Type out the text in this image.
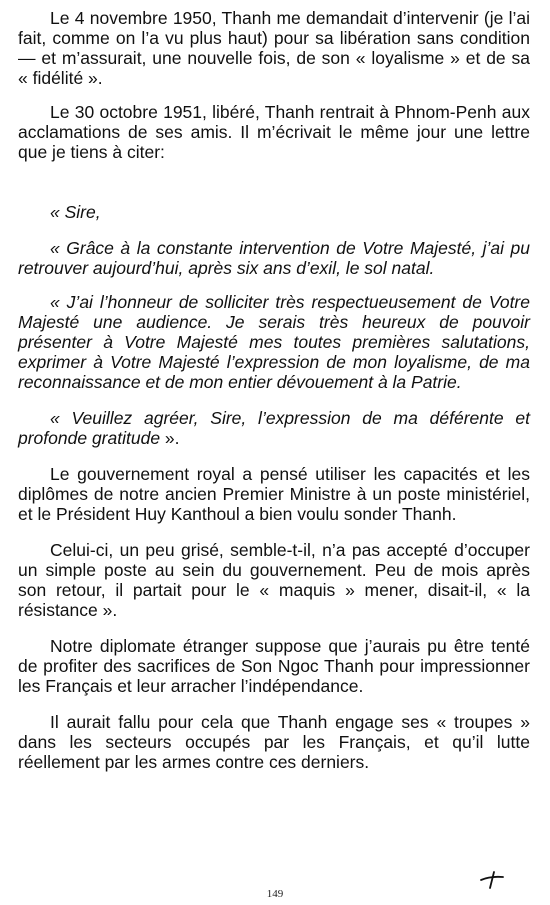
Le 4 novembre 1950, Thanh me demandait d’intervenir (je l’ai fait, comme on l’a vu plus haut) pour sa libération sans condition — et m’assurait, une nouvelle fois, de son « loyalisme » et de sa « fidélité ».

Le 30 octobre 1951, libéré, Thanh rentrait à Phnom-Penh aux acclamations de ses amis. Il m’écrivait le même jour une lettre que je tiens à citer:

« Sire,

« Grâce à la constante intervention de Votre Majesté, j’ai pu retrouver aujourd’hui, après six ans d’exil, le sol natal.

« J’ai l’honneur de solliciter très respectueusement de Votre Majesté une audience. Je serais très heureux de pouvoir présenter à Votre Majesté mes toutes premières salutations, exprimer à Votre Majesté l’expression de mon loyalisme, de ma reconnaissance et de mon entier dévouement à la Patrie.

« Veuillez agréer, Sire, l’expression de ma déférente et profonde gratitude ».

Le gouvernement royal a pensé utiliser les capacités et les diplômes de notre ancien Premier Ministre à un poste ministériel, et le Président Huy Kanthoul a bien voulu sonder Thanh.

Celui-ci, un peu grisé, semble-t-il, n’a pas accepté d’occuper un simple poste au sein du gouvernement. Peu de mois après son retour, il partait pour le « maquis » mener, disait-il, « la résistance ».

Notre diplomate étranger suppose que j’aurais pu être tenté de profiter des sacrifices de Son Ngoc Thanh pour impressionner les Français et leur arracher l’indépendance.

Il aurait fallu pour cela que Thanh engage ses « troupes » dans les secteurs occupés par les Français, et qu’il lutte réellement par les armes contre ces derniers.

149
